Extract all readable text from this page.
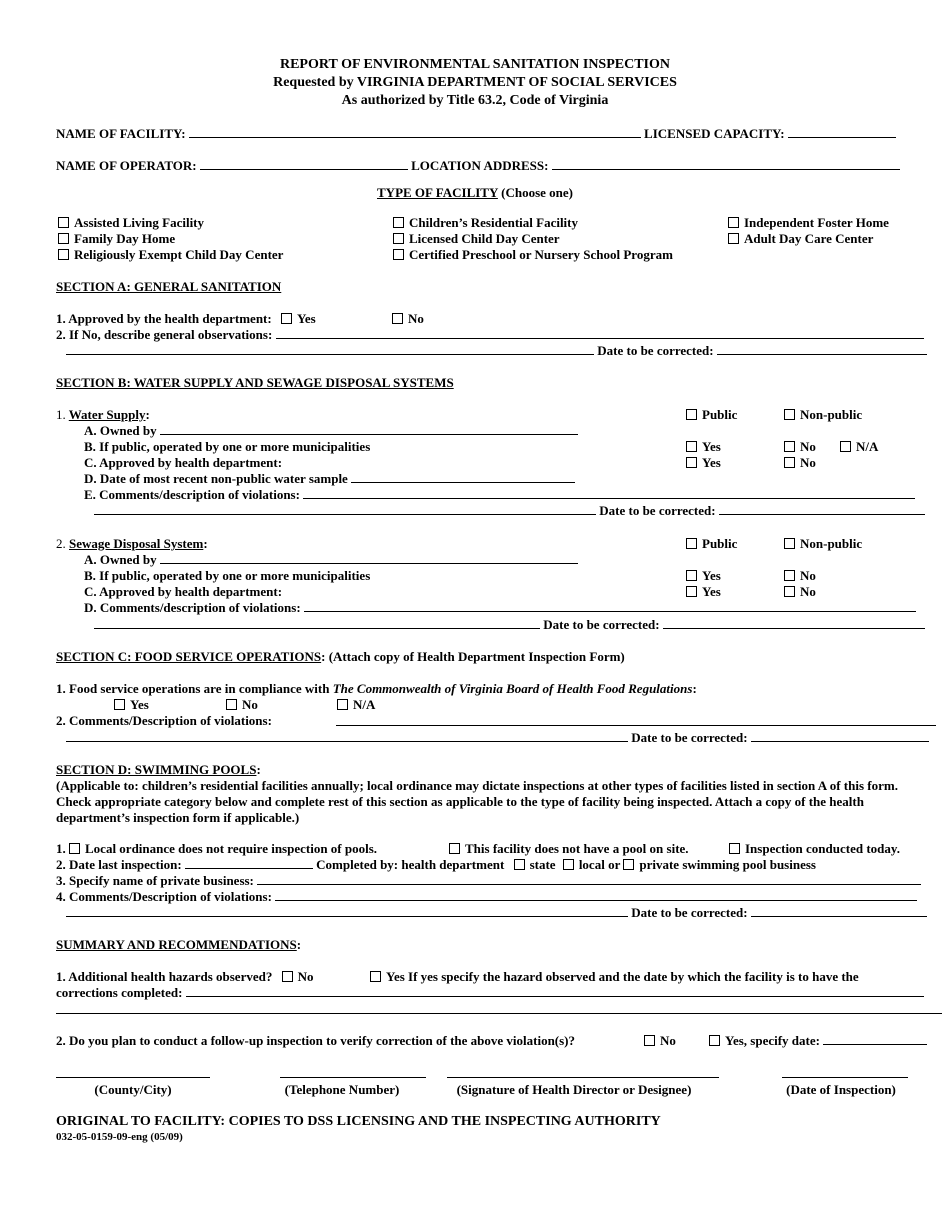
REPORT OF ENVIRONMENTAL SANITATION INSPECTION
Requested by VIRGINIA DEPARTMENT OF SOCIAL SERVICES
As authorized by Title 63.2, Code of Virginia
NAME OF FACILITY:	LICENSED CAPACITY:
NAME OF OPERATOR:	LOCATION ADDRESS:
TYPE OF FACILITY (Choose one)
Assisted Living Facility
Family Day Home
Religiously Exempt Child Day Center
Children’s Residential Facility
Licensed Child Day Center
Certified Preschool or Nursery School Program
Independent Foster Home
Adult Day Care Center
SECTION A: GENERAL SANITATION
1. Approved by the health department: Yes	No
2. If No, describe general observations:
Date to be corrected:
SECTION B: WATER SUPPLY AND SEWAGE DISPOSAL SYSTEMS
1. Water Supply:	Public	Non-public
A. Owned by
B. If public, operated by one or more municipalities	Yes	No	N/A
C. Approved by health department:	Yes	No
D. Date of most recent non-public water sample
E. Comments/description of violations:
Date to be corrected:
2. Sewage Disposal System:	Public	Non-public
A. Owned by
B. If public, operated by one or more municipalities	Yes	No
C. Approved by health department:	Yes	No
D. Comments/description of violations:
Date to be corrected:
SECTION C: FOOD SERVICE OPERATIONS: (Attach copy of Health Department Inspection Form)
1. Food service operations are in compliance with The Commonwealth of Virginia Board of Health Food Regulations:
Yes	No	N/A
2. Comments/Description of violations:
Date to be corrected:
SECTION D: SWIMMING POOLS:
(Applicable to: children’s residential facilities annually; local ordinance may dictate inspections at other types of facilities listed in section A of this form. Check appropriate category below and complete rest of this section as applicable to the type of facility being inspected. Attach a copy of the health department’s inspection form if applicable.)
1. Local ordinance does not require inspection of pools.	This facility does not have a pool on site.	Inspection conducted today.
2. Date last inspection:	Completed by: health department state local or private swimming pool business
3. Specify name of private business:
4. Comments/Description of violations:
Date to be corrected:
SUMMARY AND RECOMMENDATIONS:
1. Additional health hazards observed? No	Yes If yes specify the hazard observed and the date by which the facility is to have the
corrections completed:
2. Do you plan to conduct a follow-up inspection to verify correction of the above violation(s)?	No	Yes, specify date:
(County/City)	(Telephone Number)	(Signature of Health Director or Designee)	(Date of Inspection)
ORIGINAL TO FACILITY: COPIES TO DSS LICENSING AND THE INSPECTING AUTHORITY
032-05-0159-09-eng (05/09)
